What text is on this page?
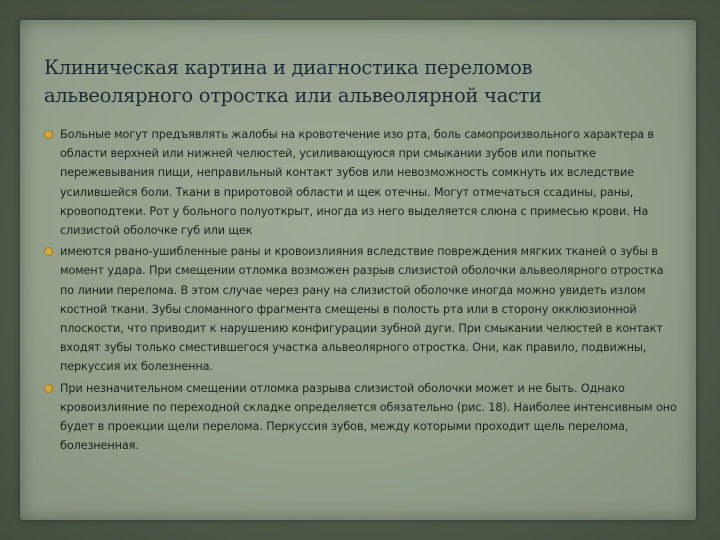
Клиническая картина и диагностика переломов
альвеолярного отростка или альвеолярной части
Больные могут предъявлять жалобы на кровотечение изо рта, боль самопроизвольного характера в области верхней или нижней челюстей, усиливающуюся при смыкании зубов или попытке пережевывания пищи, неправильный контакт зубов или невозможность сомкнуть их вследствие усилившейся боли. Ткани в приротовой области и щек отечны. Могут отмечаться ссадины, раны, кровоподтеки. Рот у больного полуоткрыт, иногда из него выделяется слюна с примесью крови. На слизистой оболочке губ или щек
имеются рвано-ушибленные раны и кровоизлияния вследствие повреждения мягких тканей о зубы в момент удара. При смещении отломка возможен разрыв слизистой оболочки альвеолярного отростка по линии перелома. В этом случае через рану на слизистой оболочке иногда можно увидеть излом костной ткани. Зубы сломанного фрагмента смещены в полость рта или в сторону окклюзионной плоскости, что приводит к нарушению конфигурации зубной дуги. При смыкании челюстей в контакт входят зубы только сместившегося участка альвеолярного отростка. Они, как правило, подвижны, перкуссия их болезненна.
При незначительном смещении отломка разрыва слизистой оболочки может и не быть. Однако кровоизлияние по переходной складке определяется обязательно (рис. 18). Наиболее интенсивным оно будет в проекции щели перелома. Перкуссия зубов, между которыми проходит щель перелома, болезненная.
